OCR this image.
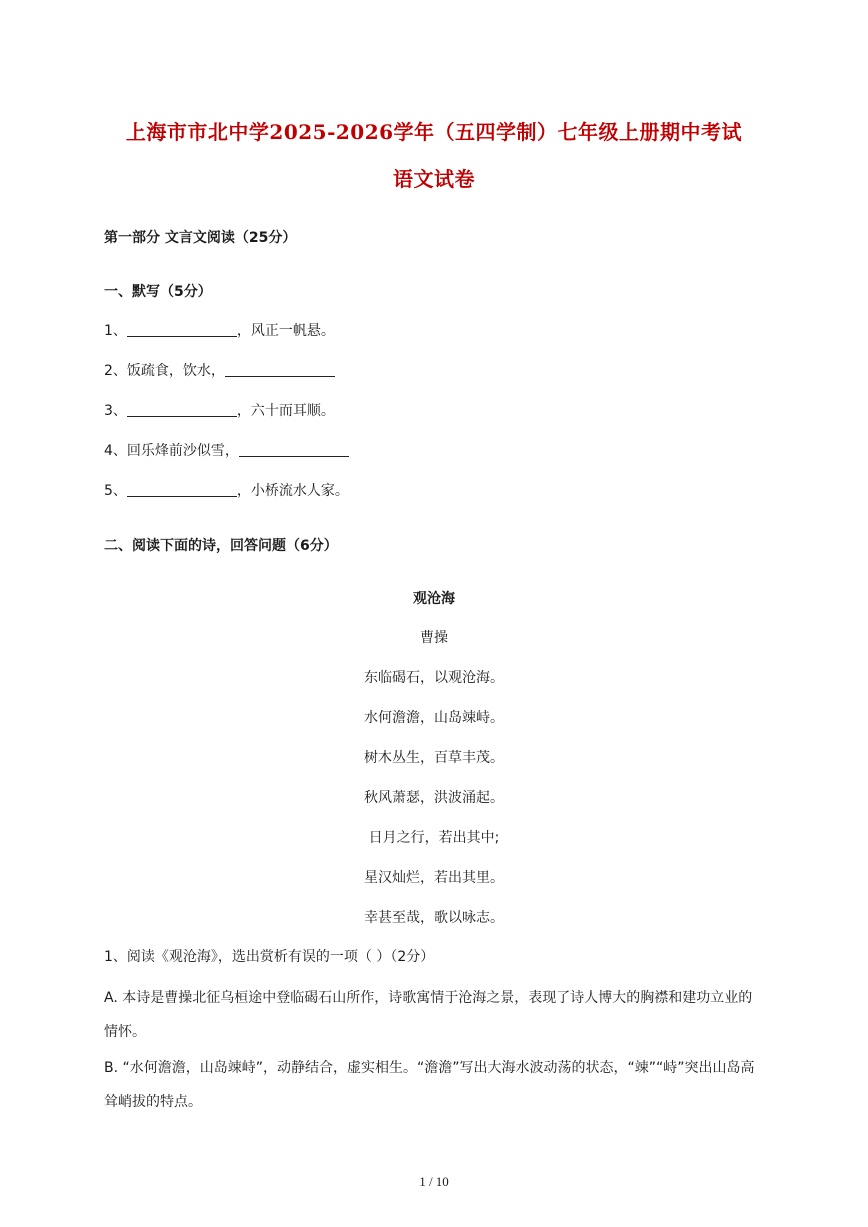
上海市市北中学2025-2026学年（五四学制）七年级上册期中考试
语文试卷
第一部分 文言文阅读（25分）
一、默写（5分）
1、	，风正一帆悬。
2、饭疏食，饮水，
3、	，六十而耳顺。
4、回乐烽前沙似雪，
5、	，小桥流水人家。
二、阅读下面的诗，回答问题（6分）
观沧海
曹操
东临碣石，以观沧海。
水何澹澹，山岛竦峙。
树木丛生，百草丰茂。
秋风萧瑟，洪波涌起。
日月之行，若出其中;
星汉灿烂，若出其里。
幸甚至哉，歌以咏志。
1、阅读《观沧海》，选出赏析有误的一项（ ）（2分）
A. 本诗是曹操北征乌桓途中登临碣石山所作，诗歌寓情于沧海之景，表现了诗人博大的胸襟和建功立业的情怀。
B. “水何澹澹，山岛竦峙”，动静结合，虚实相生。“澹澹”写出大海水波动荡的状态，“竦”“峙”突出山岛高耸峭拔的特点。
1 / 10
